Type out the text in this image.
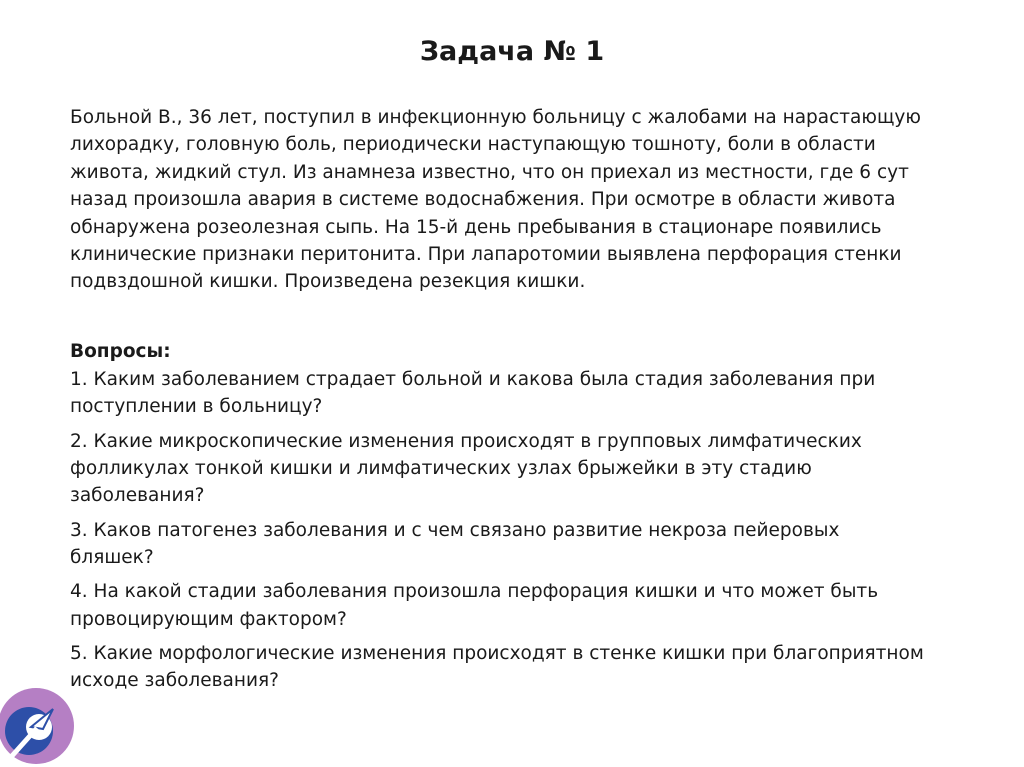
Задача № 1
Больной В., 36 лет, поступил в инфекционную больницу с жалобами на нарастающую
лихорадку, головную боль, периодически наступающую тошноту, боли в области
живота, жидкий стул. Из анамнеза известно, что он приехал из местности, где 6 сут
назад произошла авария в системе водоснабжения. При осмотре в области живота
обнаружена розеолезная сыпь. На 15-й день пребывания в стационаре появились
клинические признаки перитонита. При лапаротомии выявлена перфорация стенки
подвздошной кишки. Произведена резекция кишки.
Вопросы:
1. Каким заболеванием страдает больной и какова была стадия заболевания при
поступлении в больницу?
2. Какие микроскопические изменения происходят в групповых лимфатических
фолликулах тонкой кишки и лимфатических узлах брыжейки в эту стадию
заболевания?
3. Каков патогенез заболевания и с чем связано развитие некроза пейеровых
бляшек?
4. На какой стадии заболевания произошла перфорация кишки и что может быть
провоцирующим фактором?
5. Какие морфологические изменения происходят в стенке кишки при благоприятном
исходе заболевания?
